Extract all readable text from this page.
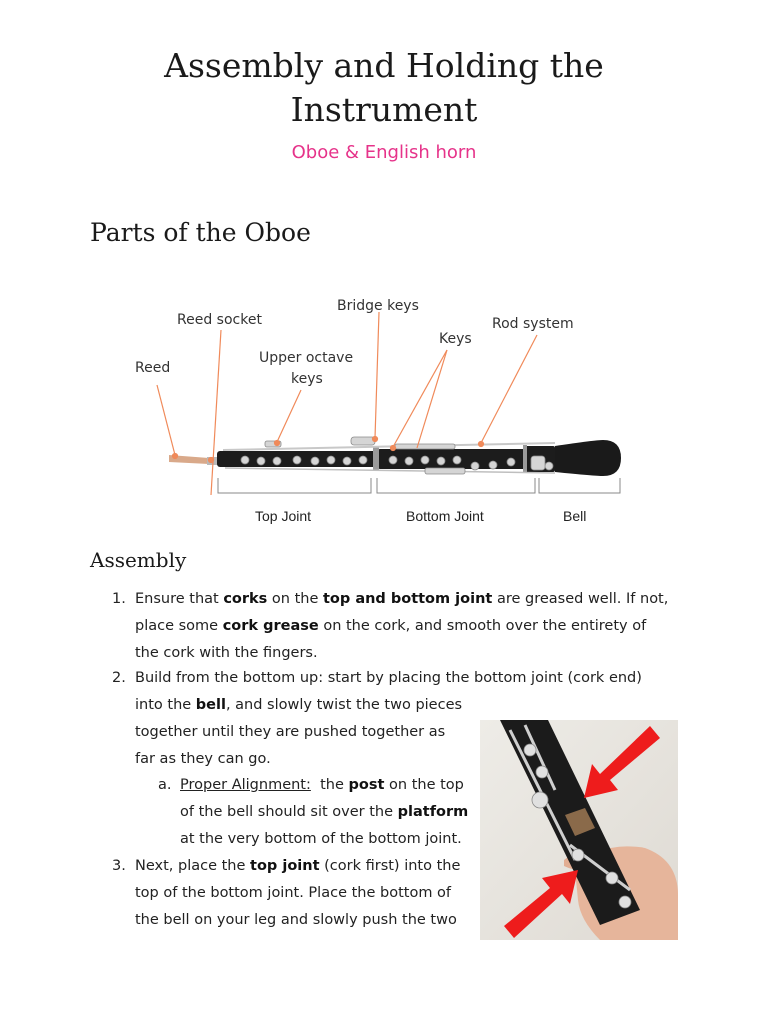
Assembly and Holding the
Instrument
Oboe & English horn
Parts of the Oboe
Reed
Reed socket
Bridge keys
Upper octave
keys
Keys
Rod system
Top Joint	Bottom Joint	Bell
Assembly
1. Ensure that corks on the top and bottom joint are greased well. If not,
place some cork grease on the cork, and smooth over the entirety of
the cork with the fingers.
2. Build from the bottom up: start by placing the bottom joint (cork end)
into the bell, and slowly twist the two pieces
together until they are pushed together as
far as they can go.
a. Proper Alignment:  the post on the top
of the bell should sit over the platform
at the very bottom of the bottom joint.
3. Next, place the top joint (cork first) into the
top of the bottom joint. Place the bottom of
the bell on your leg and slowly push the two
